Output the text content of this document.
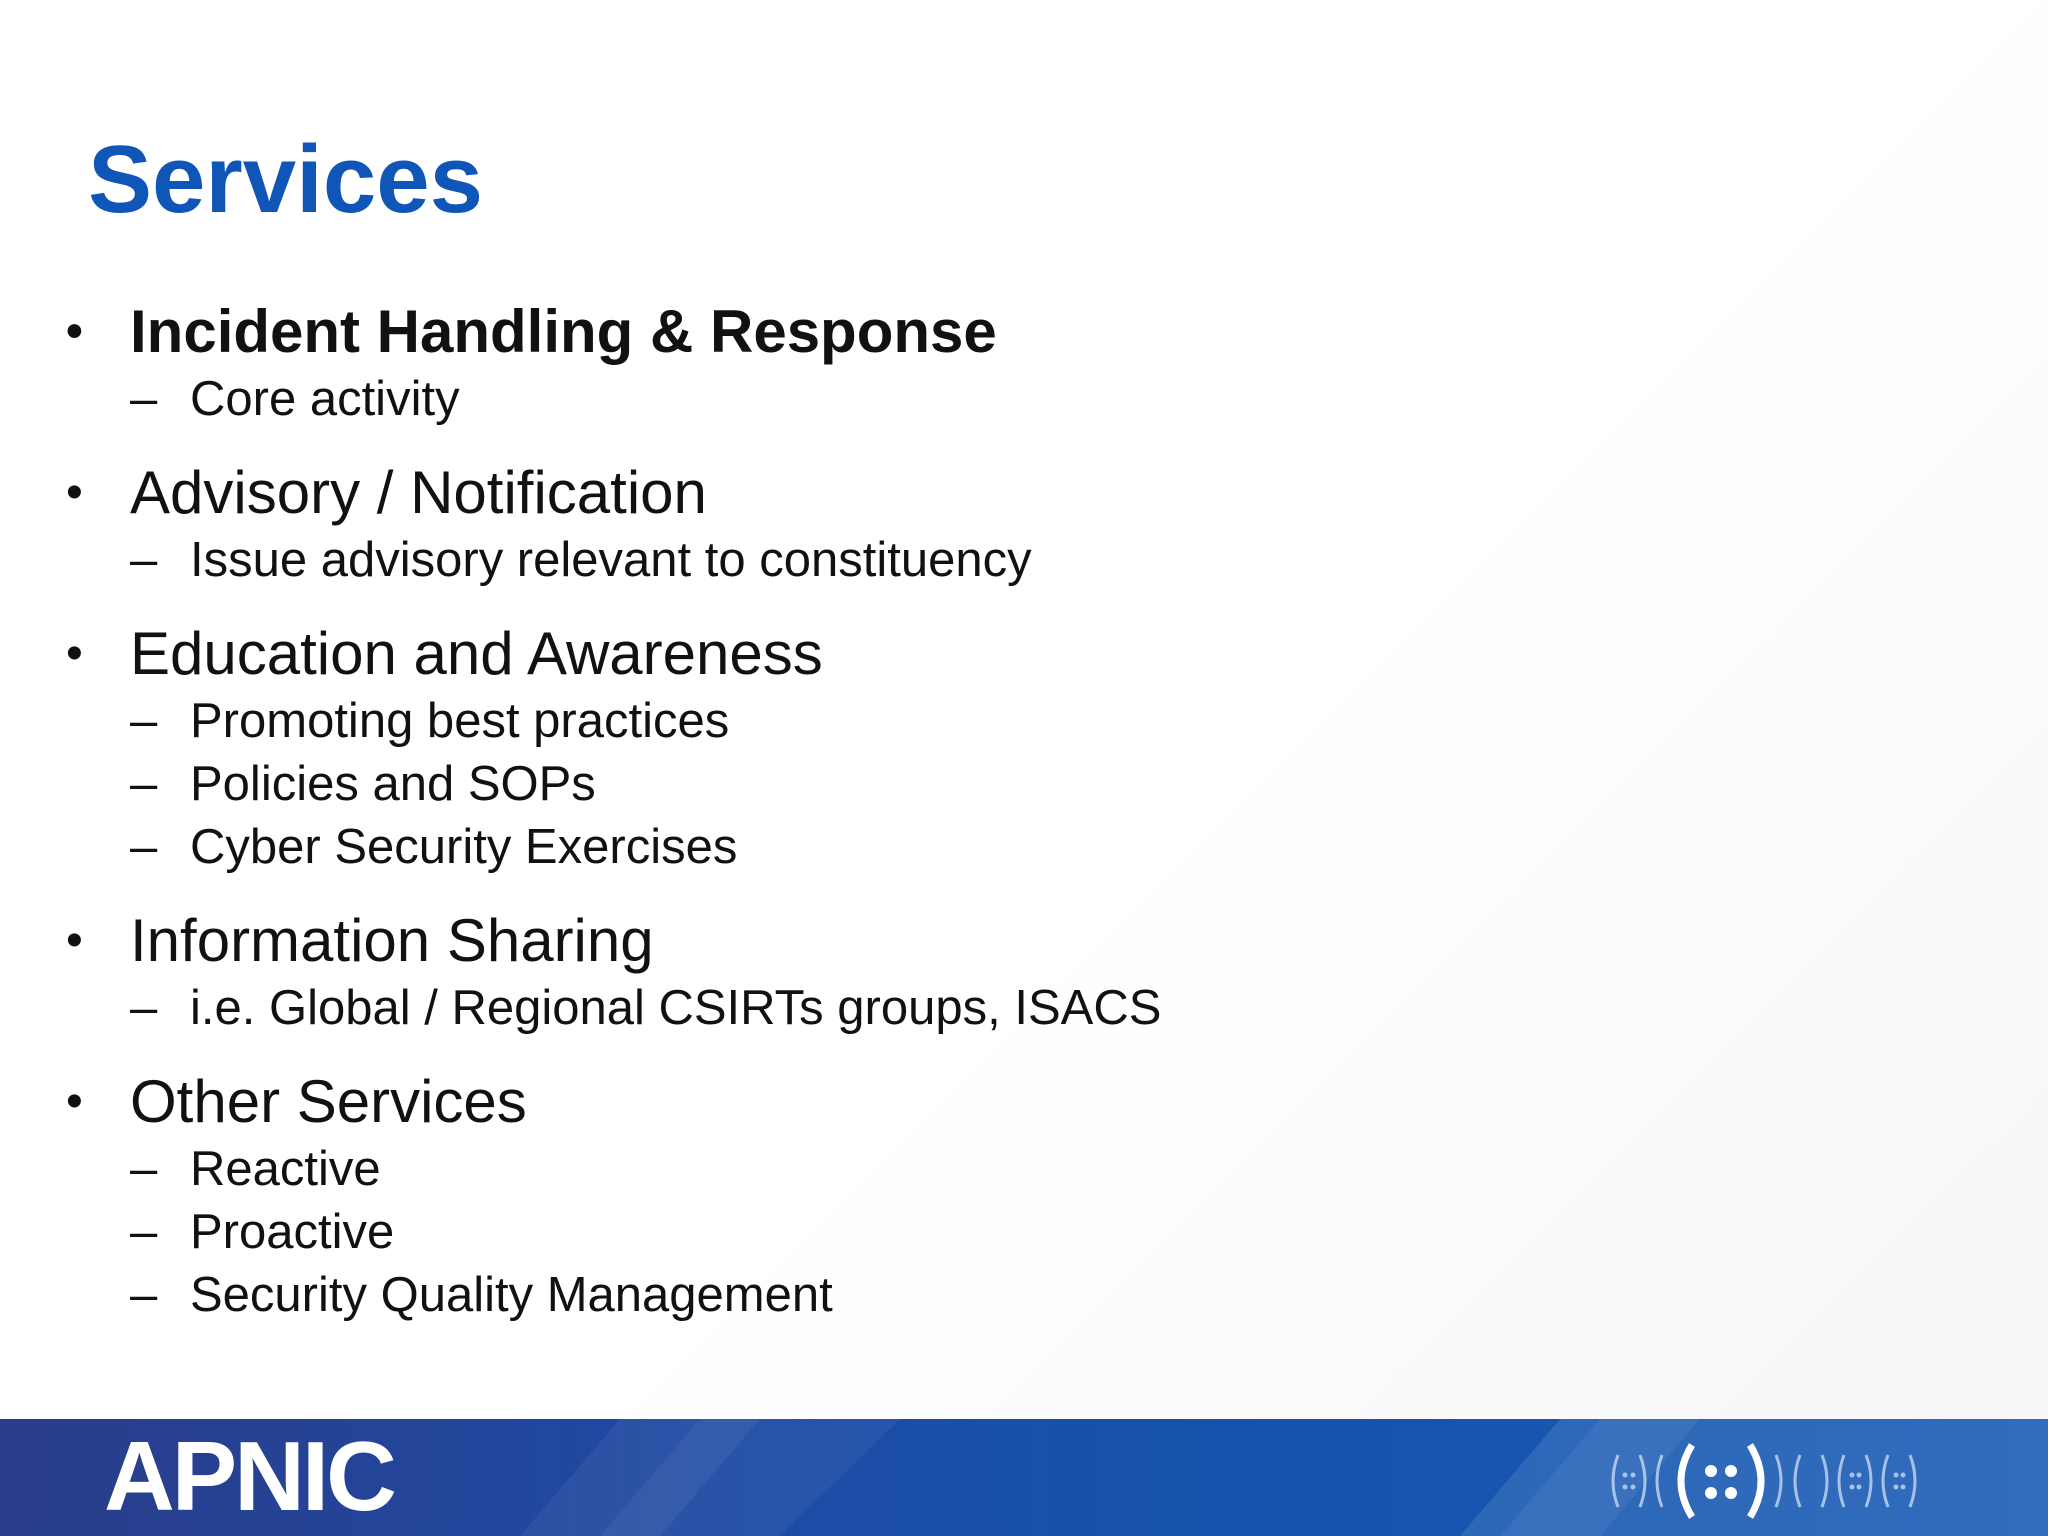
Services
• Incident Handling & Response
– Core activity
• Advisory / Notification
– Issue advisory relevant to constituency
• Education and Awareness
– Promoting best practices
– Policies and SOPs
– Cyber Security Exercises
• Information Sharing
– i.e. Global / Regional CSIRTs groups, ISACS
• Other Services
– Reactive
– Proactive
– Security Quality Management
APNIC
